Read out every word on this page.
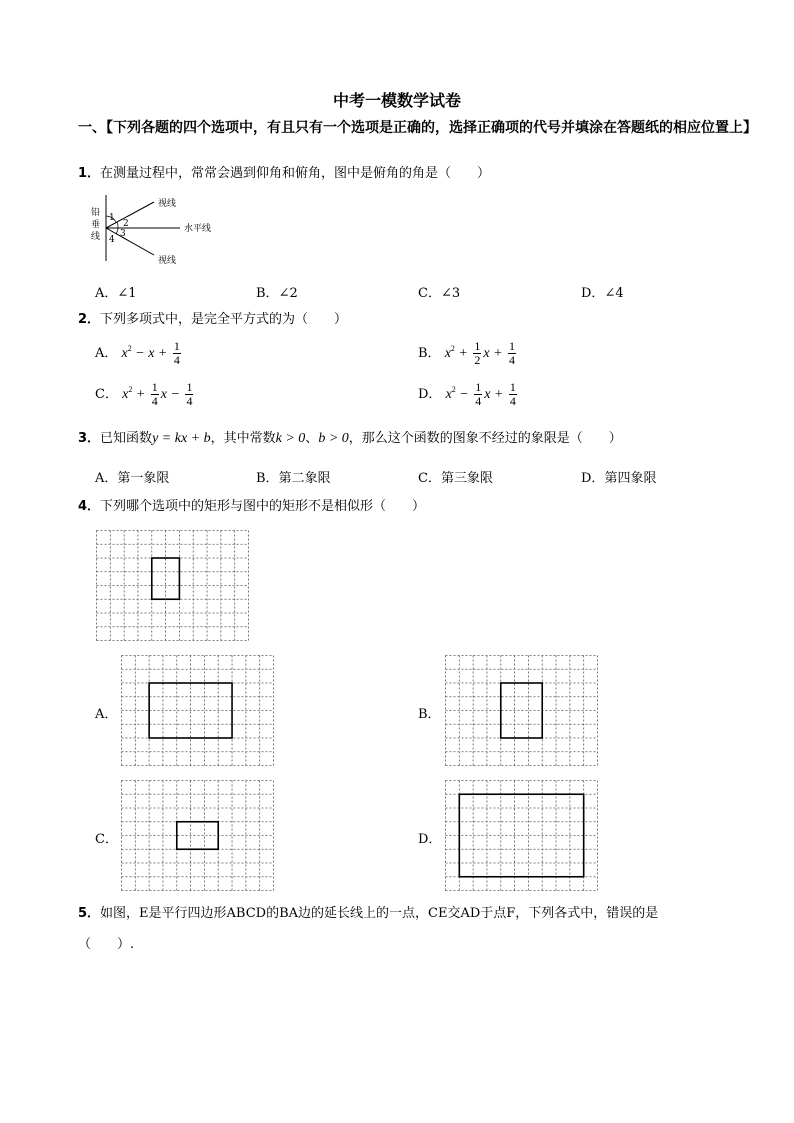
中考一模数学试卷
一、【下列各题的四个选项中，有且只有一个选项是正确的，选择正确项的代号并填涂在答题纸的相应位置上】
1．在测量过程中，常常会遇到仰角和俯角，图中是俯角的角是（　　）
铅
垂
线
1
2
3
4
视线
水平线
视线
A．∠1	B．∠2	C．∠3	D．∠4
2．下列多项式中，是完全平方式的为（　　）
A． $x^2 - x + \frac{1}{4}$	B． $x^2 + \frac{1}{2}$ $x + \frac{1}{4}$
C． $x^2 + \frac{1}{4}$ $x - \frac{1}{4}$	D． $x^2 - \frac{1}{4}$ $x + \frac{1}{4}$
3．已知函数y = kx + b，其中常数k > 0、b > 0，那么这个函数的图象不经过的象限是（　　）
A．第一象限	B．第二象限	C．第三象限	D．第四象限
4．下列哪个选项中的矩形与图中的矩形不是相似形（　　）
A．	B．
C．	D．
5．如图，E是平行四边形ABCD的BA边的延长线上的一点，CE交AD于点F，下列各式中，错误的是
（　　）.
